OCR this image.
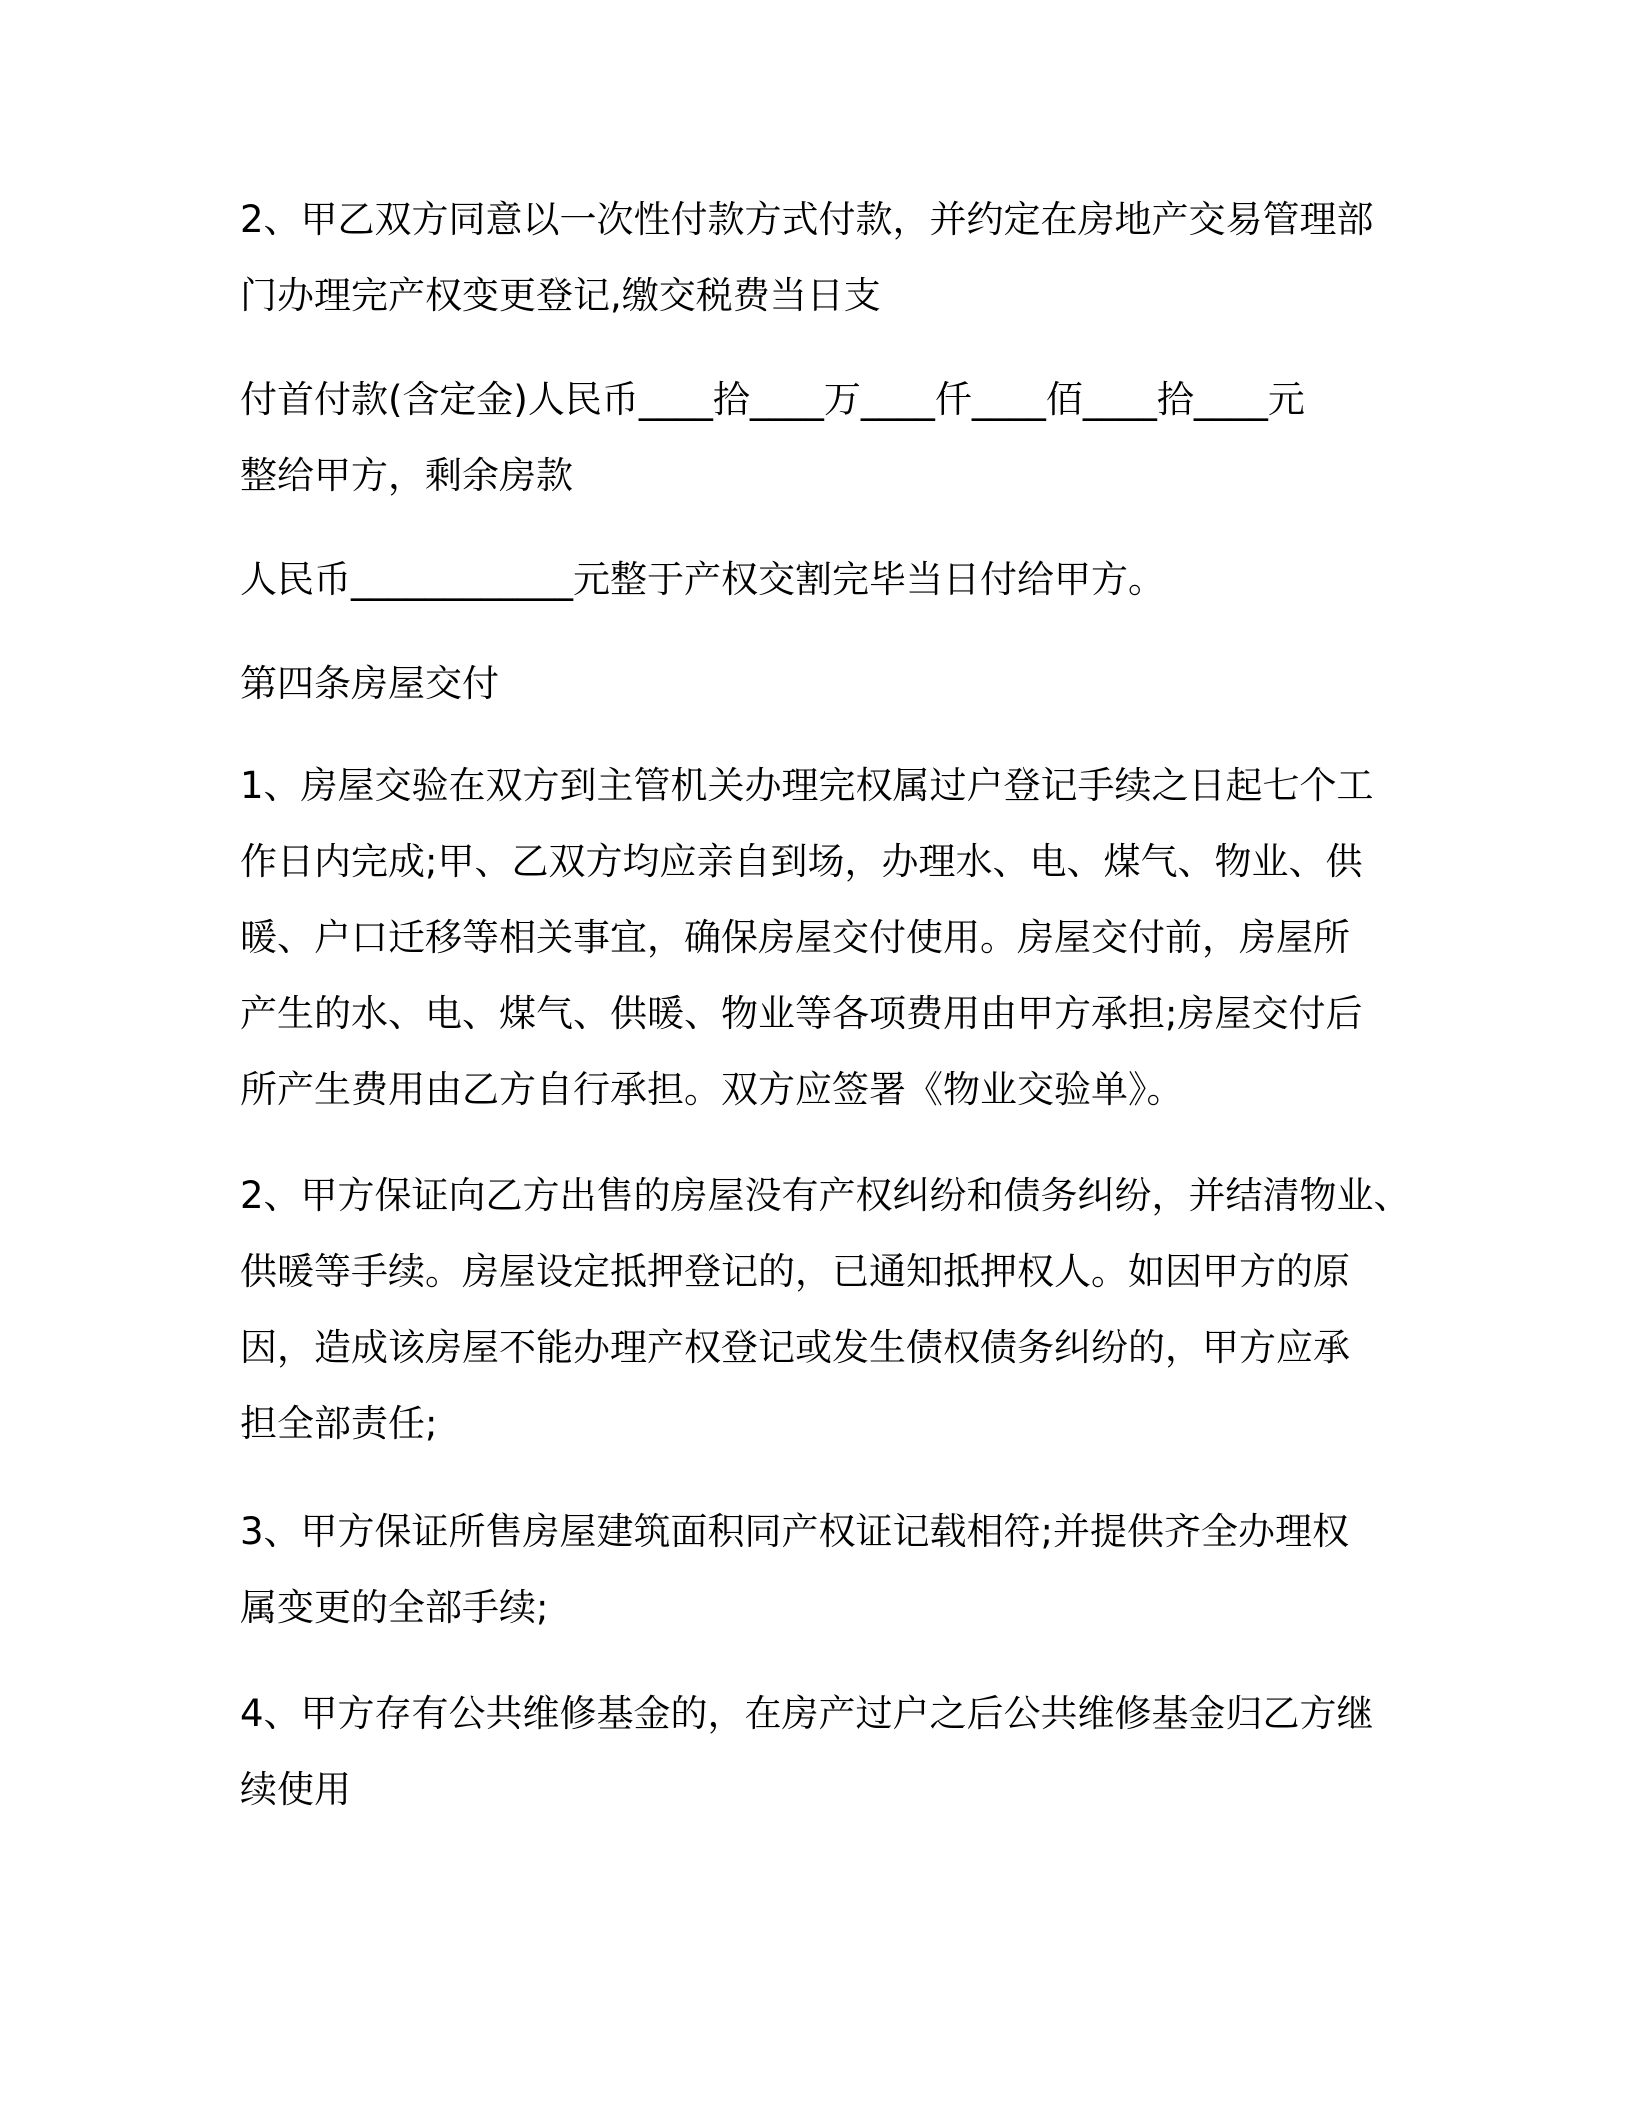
2、甲乙双方同意以一次性付款方式付款，并约定在房地产交易管理部

门办理完产权变更登记,缴交税费当日支

付首付款(含定金)人民币____拾____万____仟____佰____拾____元

整给甲方，剩余房款

人民币____________元整于产权交割完毕当日付给甲方。

第四条房屋交付

1、房屋交验在双方到主管机关办理完权属过户登记手续之日起七个工

作日内完成;甲、乙双方均应亲自到场，办理水、电、煤气、物业、供

暖、户口迁移等相关事宜，确保房屋交付使用。房屋交付前，房屋所

产生的水、电、煤气、供暖、物业等各项费用由甲方承担;房屋交付后

所产生费用由乙方自行承担。双方应签署《物业交验单》。

2、甲方保证向乙方出售的房屋没有产权纠纷和债务纠纷，并结清物业、

供暖等手续。房屋设定抵押登记的，已通知抵押权人。如因甲方的原

因，造成该房屋不能办理产权登记或发生债权债务纠纷的，甲方应承

担全部责任;

3、甲方保证所售房屋建筑面积同产权证记载相符;并提供齐全办理权

属变更的全部手续;

4、甲方存有公共维修基金的，在房产过户之后公共维修基金归乙方继

续使用
